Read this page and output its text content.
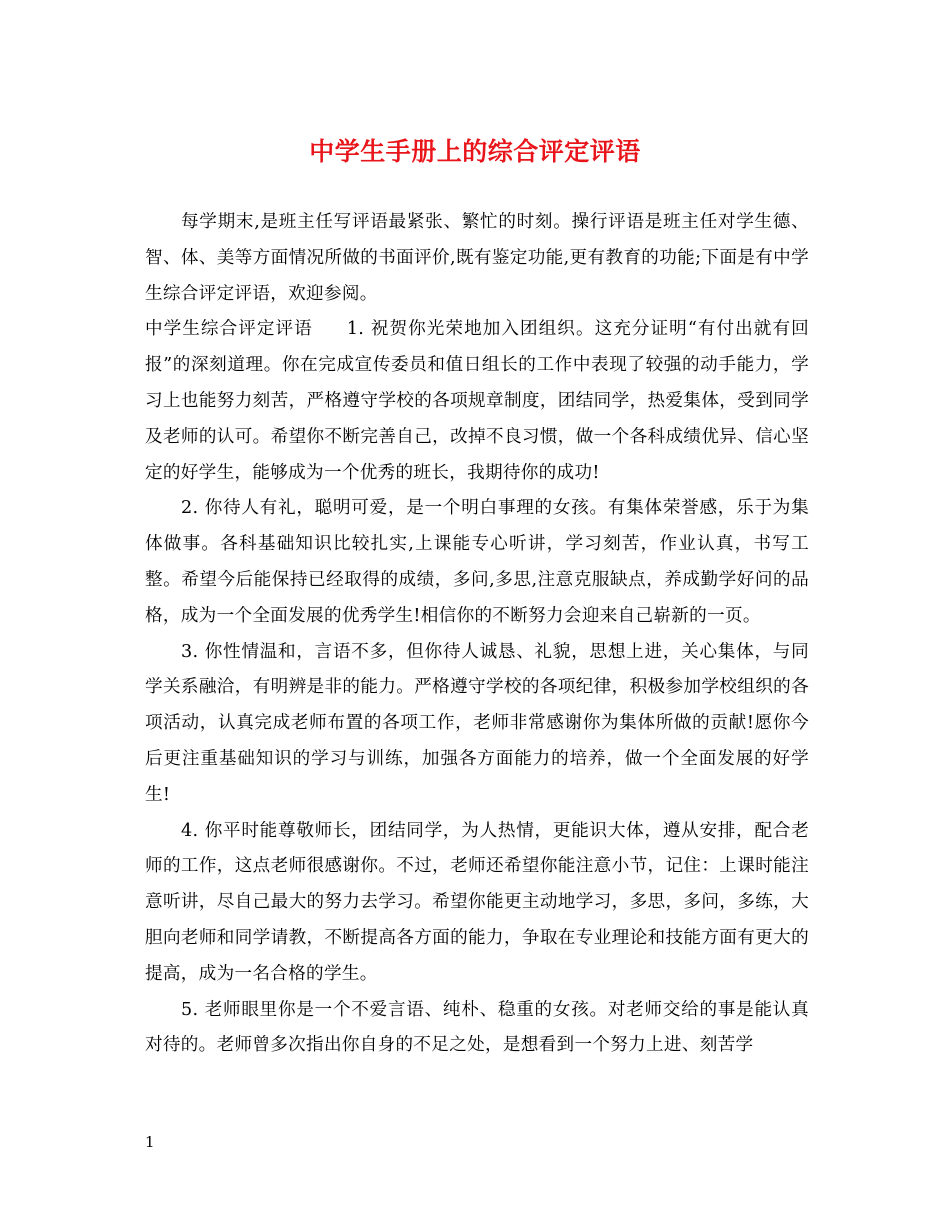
中学生手册上的综合评定评语

每学期末,是班主任写评语最紧张、繁忙的时刻。操行评语是班主任对学生德、智、体、美等方面情况所做的书面评价,既有鉴定功能,更有教育的功能;下面是有中学生综合评定评语，欢迎参阅。

中学生综合评定评语 1. 祝贺你光荣地加入团组织。这充分证明“有付出就有回报”的深刻道理。你在完成宣传委员和值日组长的工作中表现了较强的动手能力，学习上也能努力刻苦，严格遵守学校的各项规章制度，团结同学，热爱集体，受到同学及老师的认可。希望你不断完善自己，改掉不良习惯，做一个各科成绩优异、信心坚定的好学生，能够成为一个优秀的班长，我期待你的成功!

2. 你待人有礼，聪明可爱，是一个明白事理的女孩。有集体荣誉感，乐于为集体做事。各科基础知识比较扎实,上课能专心听讲，学习刻苦，作业认真，书写工整。希望今后能保持已经取得的成绩，多问,多思,注意克服缺点，养成勤学好问的品格，成为一个全面发展的优秀学生!相信你的不断努力会迎来自己崭新的一页。

3. 你性情温和，言语不多，但你待人诚恳、礼貌，思想上进，关心集体，与同学关系融洽，有明辨是非的能力。严格遵守学校的各项纪律，积极参加学校组织的各项活动，认真完成老师布置的各项工作，老师非常感谢你为集体所做的贡献!愿你今后更注重基础知识的学习与训练，加强各方面能力的培养，做一个全面发展的好学生!

4. 你平时能尊敬师长，团结同学，为人热情，更能识大体，遵从安排，配合老师的工作，这点老师很感谢你。不过，老师还希望你能注意小节，记住：上课时能注意听讲，尽自己最大的努力去学习。希望你能更主动地学习，多思，多问，多练，大胆向老师和同学请教，不断提高各方面的能力，争取在专业理论和技能方面有更大的提高，成为一名合格的学生。

5. 老师眼里你是一个不爱言语、纯朴、稳重的女孩。对老师交给的事是能认真对待的。老师曾多次指出你自身的不足之处，是想看到一个努力上进、刻苦学

1
